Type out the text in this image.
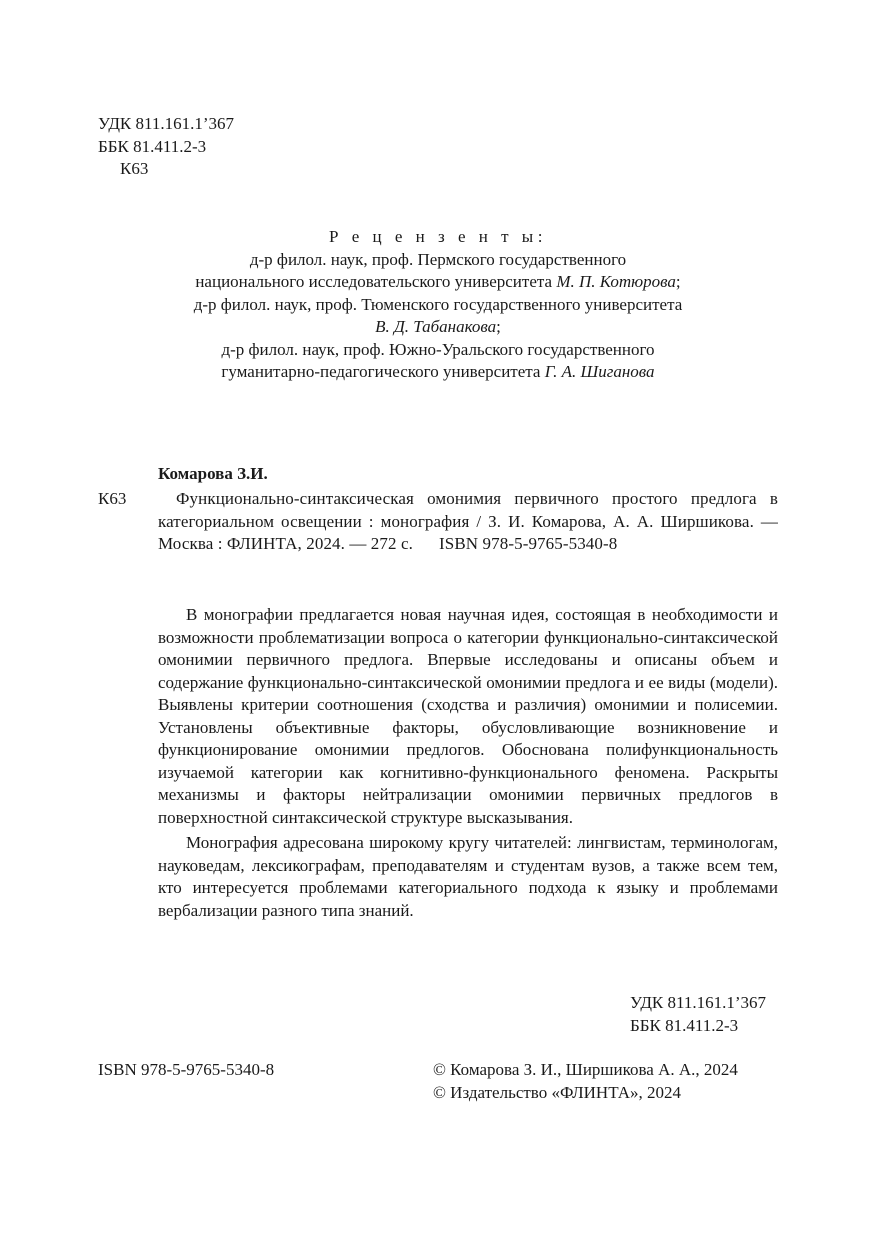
УДК 811.161.1’367
ББК 81.411.2-3
К63
Р е ц е н з е н т ы:
д-р филол. наук, проф. Пермского государственного
национального исследовательского университета М. П. Котюрова;
д-р филол. наук, проф. Тюменского государственного университета
В. Д. Табанакова;
д-р филол. наук, проф. Южно-Уральского государственного
гуманитарно-педагогического университета Г. А. Шиганова
Комарова З.И.
К63	Функционально-синтаксическая омонимия первичного простого предлога в категориальном освещении : монография / З. И. Комарова, А. А. Ширшикова. — Москва : ФЛИНТА, 2024. — 272 с. ISBN 978-5-9765-5340-8

В монографии предлагается новая научная идея, состоящая в необходимости и возможности проблематизации вопроса о категории функционально-синтаксической омонимии первичного предлога. Впервые исследованы и описаны объем и содержание функционально-синтаксической омонимии предлога и ее виды (модели). Выявлены критерии соотношения (сходства и различия) омонимии и полисемии. Установлены объективные факторы, обусловливающие возникновение и функционирование омонимии предлогов. Обоснована полифункциональность изучаемой категории как когнитивно-функционального феномена. Раскрыты механизмы и факторы нейтрализации омонимии первичных предлогов в поверхностной синтаксической структуре высказывания.

Монография адресована широкому кругу читателей: лингвистам, терминологам, науковедам, лексикографам, преподавателям и студентам вузов, а также всем тем, кто интересуется проблемами категориального подхода к языку и проблемами вербализации разного типа знаний.

УДК 811.161.1’367
ББК 81.411.2-3
ISBN 978-5-9765-5340-8	© Комарова З. И., Ширшикова А. А., 2024
© Издательство «ФЛИНТА», 2024
